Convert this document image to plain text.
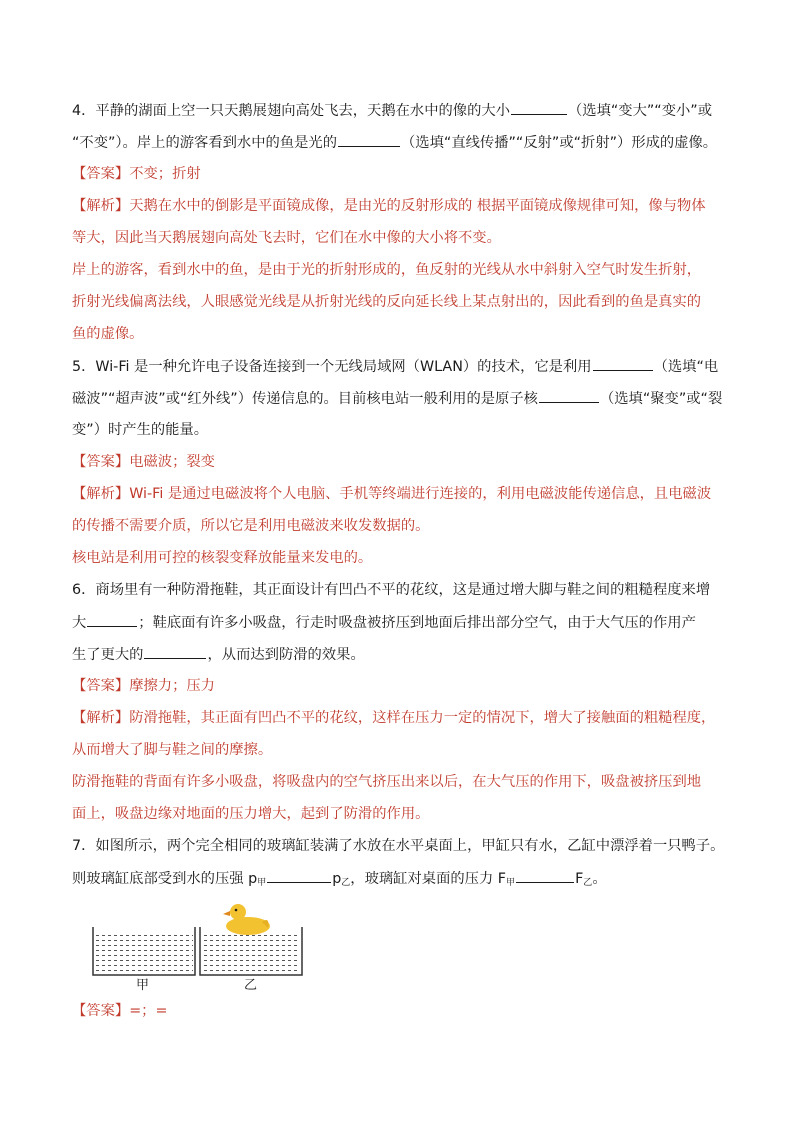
4．平静的湖面上空一只天鹅展翅向高处飞去，天鹅在水中的像的大小	（选填“变大”“变小”或
“不变”）。岸上的游客看到水中的鱼是光的	（选填“直线传播”“反射”或“折射”）形成的虚像。
【答案】不变；折射
【解析】天鹅在水中的倒影是平面镜成像，是由光的反射形成的 根据平面镜成像规律可知，像与物体
等大，因此当天鹅展翅向高处飞去时，它们在水中像的大小将不变。
岸上的游客，看到水中的鱼，是由于光的折射形成的，鱼反射的光线从水中斜射入空气时发生折射，
折射光线偏离法线，人眼感觉光线是从折射光线的反向延长线上某点射出的，因此看到的鱼是真实的
鱼的虚像。
5．Wi-Fi 是一种允许电子设备连接到一个无线局域网（WLAN）的技术，它是利用	（选填“电
磁波”“超声波”或“红外线”）传递信息的。目前核电站一般利用的是原子核	（选填“聚变”或“裂
变”）时产生的能量。
【答案】电磁波；裂变
【解析】Wi-Fi 是通过电磁波将个人电脑、手机等终端进行连接的，利用电磁波能传递信息，且电磁波
的传播不需要介质，所以它是利用电磁波来收发数据的。
核电站是利用可控的核裂变释放能量来发电的。
6．商场里有一种防滑拖鞋，其正面设计有凹凸不平的花纹，这是通过增大脚与鞋之间的粗糙程度来增
大	；鞋底面有许多小吸盘，行走时吸盘被挤压到地面后排出部分空气，由于大气压的作用产
生了更大的	，从而达到防滑的效果。
【答案】摩擦力；压力
【解析】防滑拖鞋，其正面有凹凸不平的花纹，这样在压力一定的情况下，增大了接触面的粗糙程度，
从而增大了脚与鞋之间的摩擦。
防滑拖鞋的背面有许多小吸盘，将吸盘内的空气挤压出来以后，在大气压的作用下，吸盘被挤压到地
面上，吸盘边缘对地面的压力增大，起到了防滑的作用。
7．如图所示，两个完全相同的玻璃缸装满了水放在水平桌面上，甲缸只有水，乙缸中漂浮着一只鸭子。
则玻璃缸底部受到水的压强 $p_甲$	$p_乙$，玻璃缸对桌面的压力 $F_甲$	$F_乙$。
甲	乙
【答案】=；=
